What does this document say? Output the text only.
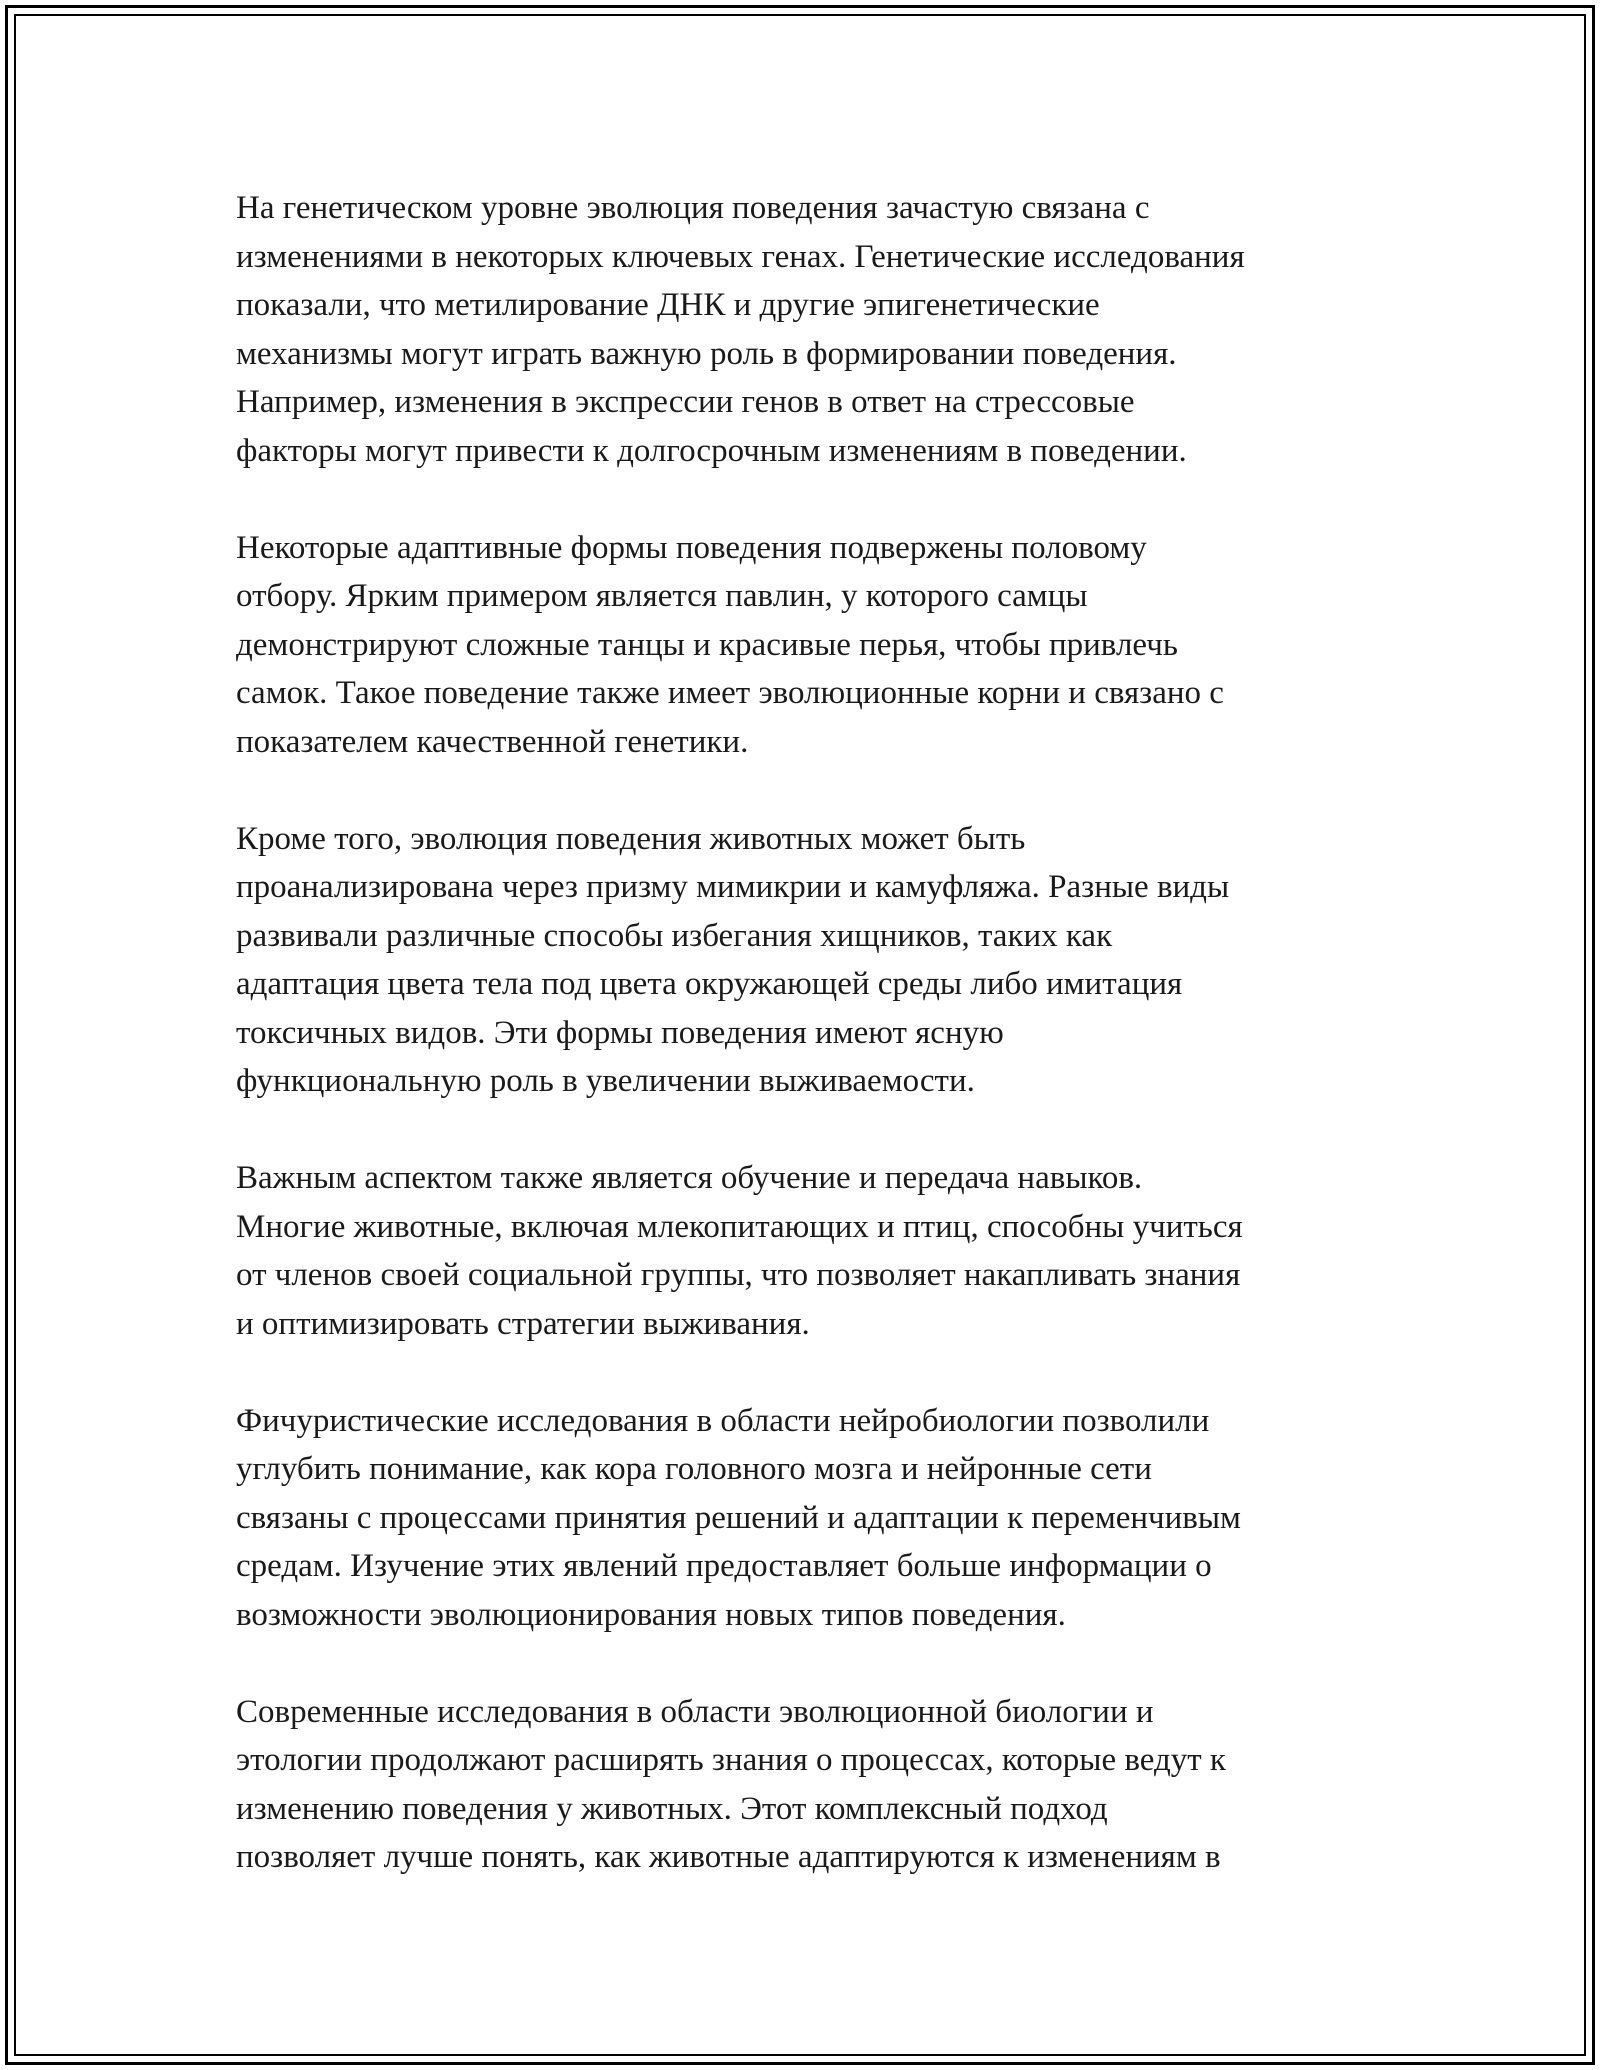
На генетическом уровне эволюция поведения зачастую связана с
изменениями в некоторых ключевых генах. Генетические исследования
показали, что метилирование ДНК и другие эпигенетические
механизмы могут играть важную роль в формировании поведения.
Например, изменения в экспрессии генов в ответ на стрессовые
факторы могут привести к долгосрочным изменениям в поведении.

Некоторые адаптивные формы поведения подвержены половому
отбору. Ярким примером является павлин, у которого самцы
демонстрируют сложные танцы и красивые перья, чтобы привлечь
самок. Такое поведение также имеет эволюционные корни и связано с
показателем качественной генетики.

Кроме того, эволюция поведения животных может быть
проанализирована через призму мимикрии и камуфляжа. Разные виды
развивали различные способы избегания хищников, таких как
адаптация цвета тела под цвета окружающей среды либо имитация
токсичных видов. Эти формы поведения имеют ясную
функциональную роль в увеличении выживаемости.

Важным аспектом также является обучение и передача навыков.
Многие животные, включая млекопитающих и птиц, способны учиться
от членов своей социальной группы, что позволяет накапливать знания
и оптимизировать стратегии выживания.

Фичуристические исследования в области нейробиологии позволили
углубить понимание, как кора головного мозга и нейронные сети
связаны с процессами принятия решений и адаптации к переменчивым
средам. Изучение этих явлений предоставляет больше информации о
возможности эволюционирования новых типов поведения.

Современные исследования в области эволюционной биологии и
этологии продолжают расширять знания о процессах, которые ведут к
изменению поведения у животных. Этот комплексный подход
позволяет лучше понять, как животные адаптируются к изменениям в
